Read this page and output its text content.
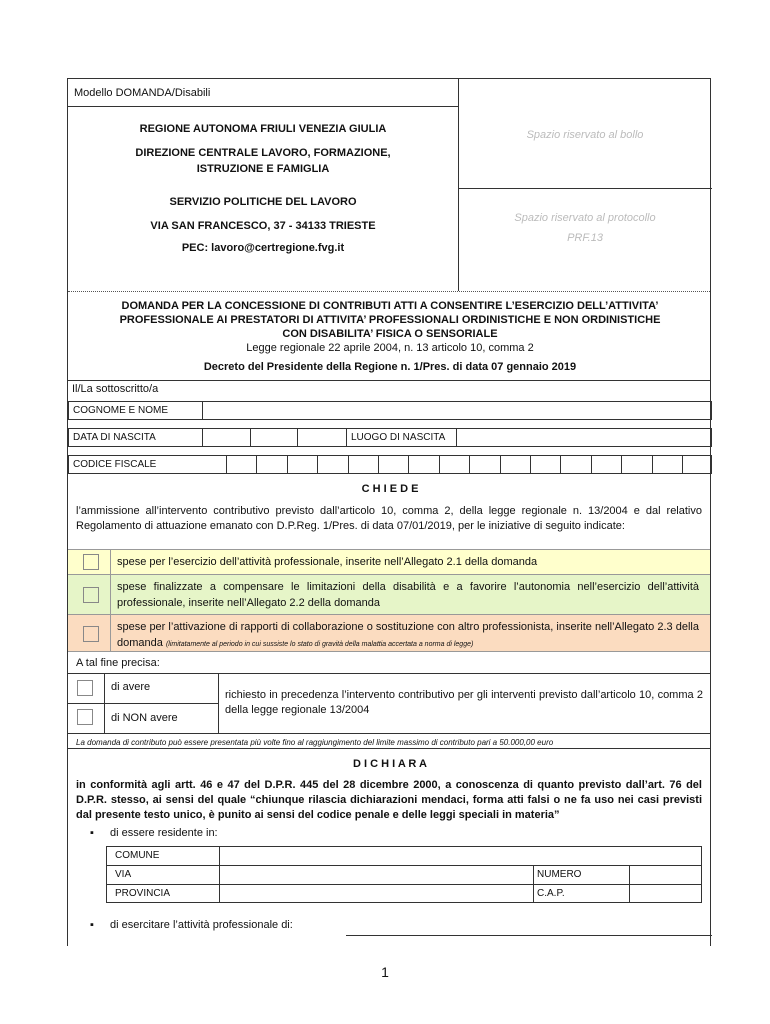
Modello DOMANDA/Disabili
REGIONE AUTONOMA FRIULI VENEZIA GIULIA
DIREZIONE CENTRALE LAVORO, FORMAZIONE,
ISTRUZIONE E FAMIGLIA
SERVIZIO POLITICHE DEL LAVORO
VIA SAN FRANCESCO, 37 - 34133 TRIESTE
PEC: lavoro@certregione.fvg.it
Spazio riservato al bollo
Spazio riservato al protocollo
PRF.13
DOMANDA PER LA CONCESSIONE DI CONTRIBUTI ATTI A CONSENTIRE L’ESERCIZIO DELL’ATTIVITA’
PROFESSIONALE AI PRESTATORI DI ATTIVITA’ PROFESSIONALI ORDINISTICHE E NON ORDINISTICHE
CON DISABILITA’ FISICA O SENSORIALE
Legge regionale 22 aprile 2004, n. 13 articolo 10, comma 2
Decreto del Presidente della Regione n. 1/Pres. di data 07 gennaio 2019
Il/La sottoscritto/a
COGNOME E NOME
DATA DI NASCITA	LUOGO DI NASCITA
CODICE FISCALE
C H I E D E
l’ammissione all’intervento contributivo previsto dall’articolo 10, comma 2, della legge regionale n. 13/2004 e dal relativo Regolamento di attuazione emanato con D.P.Reg. 1/Pres. di data 07/01/2019, per le iniziative di seguito indicate:
spese per l’esercizio dell’attività professionale, inserite nell’Allegato 2.1 della domanda
spese finalizzate a compensare le limitazioni della disabilità e a favorire l’autonomia nell’esercizio dell’attività professionale, inserite nell’Allegato 2.2 della domanda
spese per l’attivazione di rapporti di collaborazione o sostituzione con altro professionista, inserite nell’Allegato 2.3 della domanda (limitatamente al periodo in cui sussiste lo stato di gravità della malattia accertata a norma di legge)
A tal fine precisa:
di avere
di NON avere
richiesto in precedenza l’intervento contributivo per gli interventi previsto dall’articolo 10, comma 2 della legge regionale 13/2004
La domanda di contributo può essere presentata più volte fino al raggiungimento del limite massimo di contributo pari a 50.000,00 euro
D I C H I A R A
in conformità agli artt. 46 e 47 del D.P.R. 445 del 28 dicembre 2000, a conoscenza di quanto previsto dall’art. 76 del D.P.R. stesso, ai sensi del quale “chiunque rilascia dichiarazioni mendaci, forma atti falsi o ne fa uso nei casi previsti dal presente testo unico, è punito ai sensi del codice penale e delle leggi speciali in materia”
▪ di essere residente in:
COMUNE
VIA	NUMERO
PROVINCIA	C.A.P.
▪ di esercitare l’attività professionale di:
1
